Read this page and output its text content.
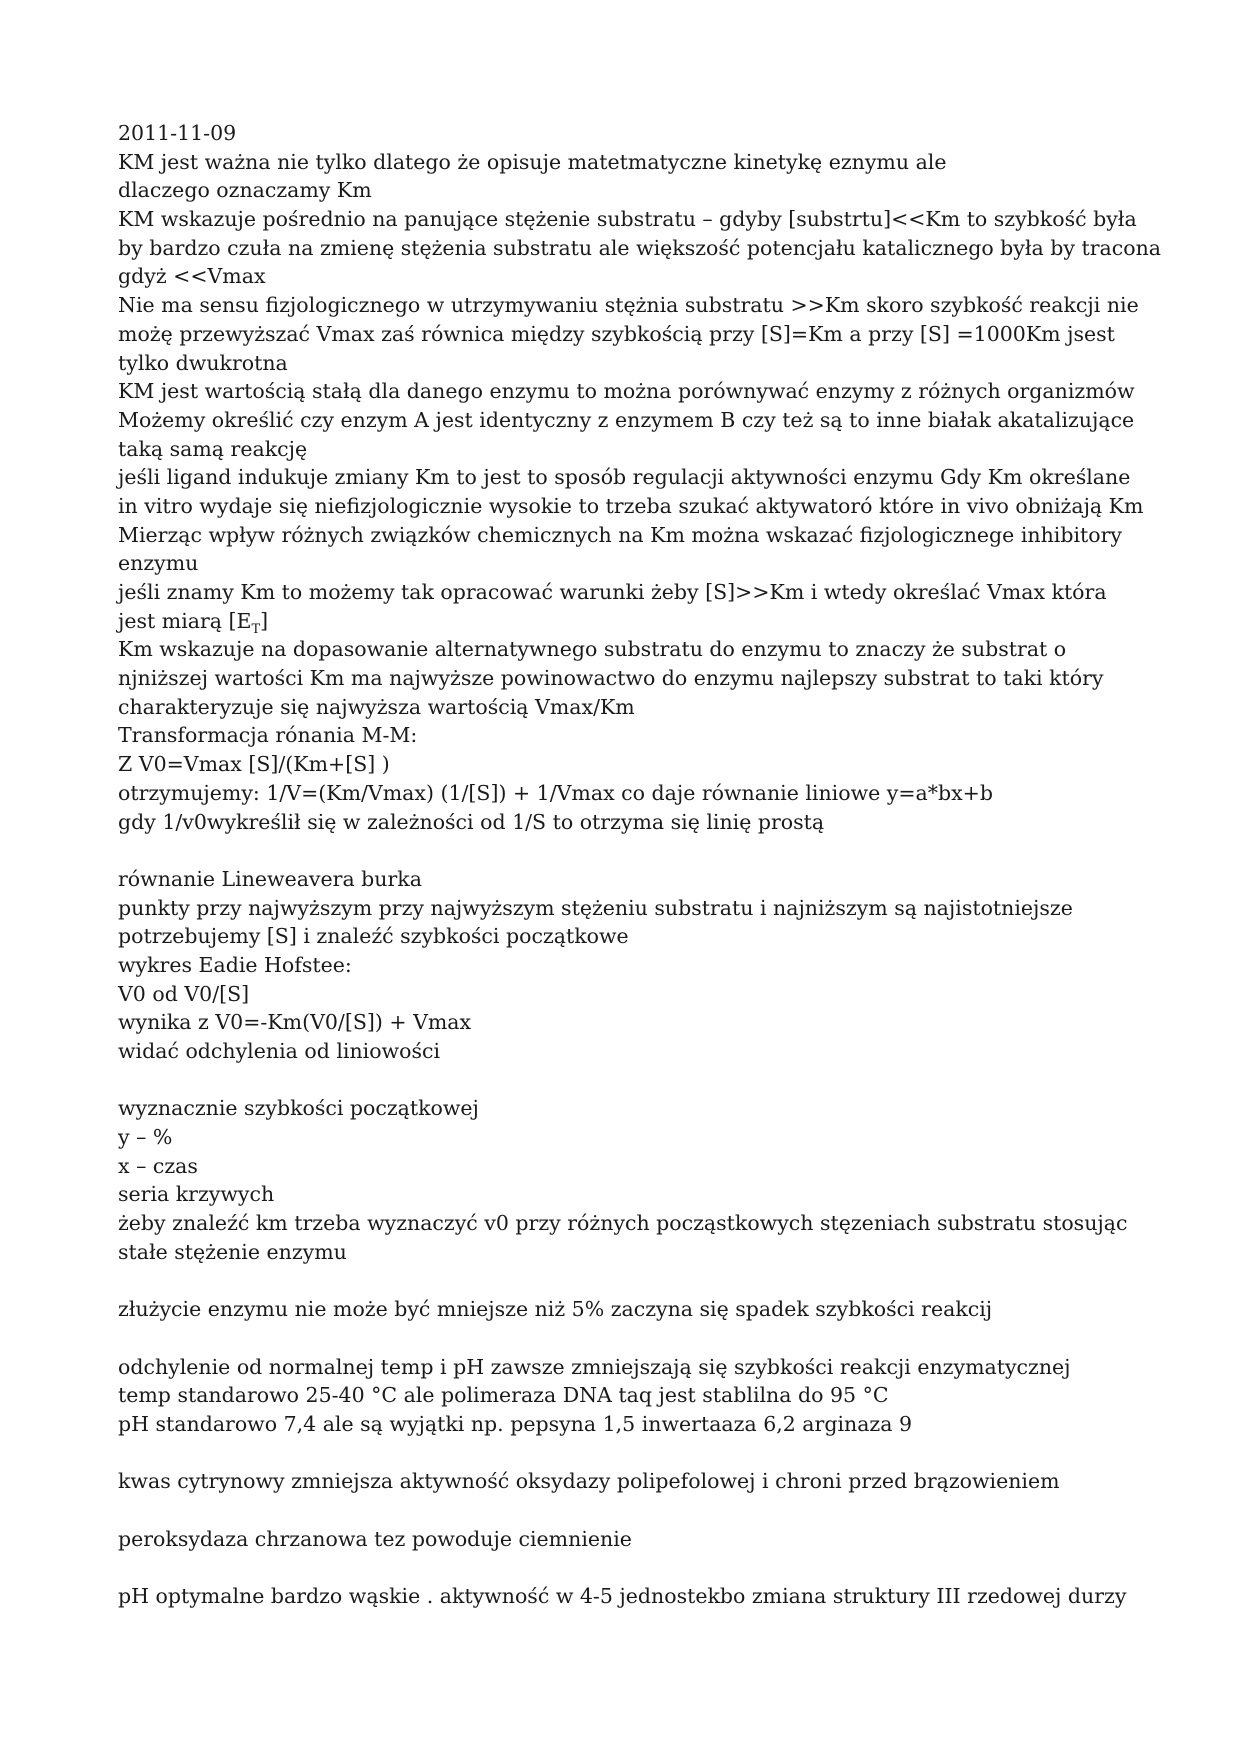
2011-11-09
KM jest ważna nie tylko dlatego że opisuje matetmatyczne kinetykę eznymu ale
dlaczego oznaczamy Km
KM wskazuje pośrednio na panujące stężenie substratu – gdyby [substrtu]<<Km to szybkość była
by bardzo czuła na zmienę stężenia substratu ale większość potencjału katalicznego była by tracona
gdyż <<Vmax
Nie ma sensu fizjologicznego w utrzymywaniu stężnia substratu >>Km skoro szybkość reakcji nie
możę przewyższać Vmax zaś równica między szybkością przy [S]=Km a przy [S] =1000Km jsest
tylko dwukrotna
KM jest wartością stałą dla danego enzymu to można porównywać enzymy z różnych organizmów
Możemy określić czy enzym A jest identyczny z enzymem B czy też są to inne białak akatalizujące
taką samą reakcję
jeśli ligand indukuje zmiany Km to jest to sposób regulacji aktywności enzymu Gdy Km określane
in vitro wydaje się niefizjologicznie wysokie to trzeba szukać aktywatoró które in vivo obniżają Km
Mierząc wpływ różnych związków chemicznych na Km można wskazać fizjologicznege inhibitory
enzymu
jeśli znamy Km to możemy tak opracować warunki żeby [S]>>Km i wtedy określać Vmax która
jest miarą $[E_T]$
Km wskazuje na dopasowanie alternatywnego substratu do enzymu to znaczy że substrat o
njniższej wartości Km ma najwyższe powinowactwo do enzymu najlepszy substrat to taki który
charakteryzuje się najwyższa wartością Vmax/Km
Transformacja rónania M-M:
Z V0=Vmax [S]/(Km+[S] )
otrzymujemy: 1/V=(Km/Vmax) (1/[S]) + 1/Vmax co daje równanie liniowe y=a*bx+b
gdy 1/v0wykreślił się w zależności od 1/S to otrzyma się linię prostą
równanie Lineweavera burka
punkty przy najwyższym przy najwyższym stężeniu substratu i najniższym są najistotniejsze
potrzebujemy [S] i znaleźć szybkości początkowe
wykres Eadie Hofstee:
V0 od V0/[S]
wynika z V0=-Km(V0/[S]) + Vmax
widać odchylenia od liniowości
wyznacznie szybkości początkowej
y – %
x – czas
seria krzywych
żeby znaleźć km trzeba wyznaczyć v0 przy różnych począstkowych stęzeniach substratu stosując
stałe stężenie enzymu
złużycie enzymu nie może być mniejsze niż 5% zaczyna się spadek szybkości reakcij
odchylenie od normalnej temp i pH zawsze zmniejszają się szybkości reakcji enzymatycznej
temp standarowo 25-40 °C ale polimeraza DNA taq jest stablilna do 95 °C
pH standarowo 7,4 ale są wyjątki np. pepsyna 1,5 inwertaaza 6,2 arginaza 9
kwas cytrynowy zmniejsza aktywność oksydazy polipefolowej i chroni przed brązowieniem
peroksydaza chrzanowa tez powoduje ciemnienie
pH optymalne bardzo wąskie . aktywność w 4-5 jednostekbo zmiana struktury III rzedowej durzy
